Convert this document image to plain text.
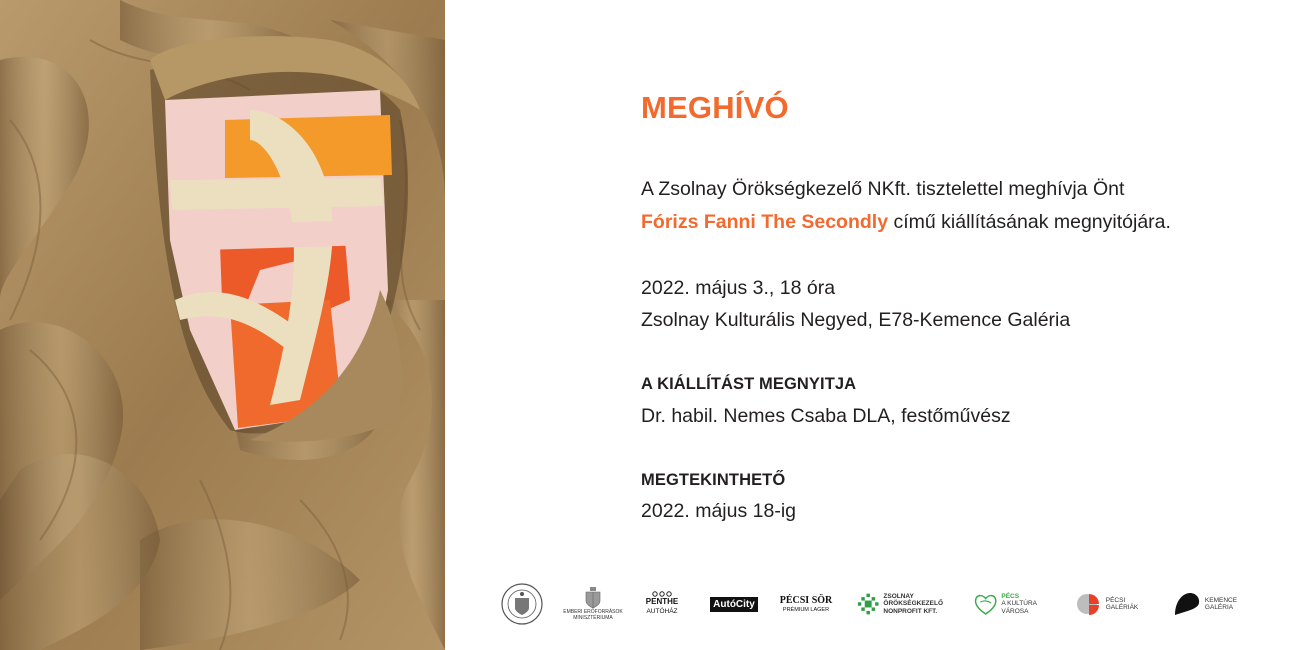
MEGHÍVÓ
A Zsolnay Örökségkezelő NKft. tisztelettel meghívja Önt
Fórizs Fanni The Secondly című kiállításának megnyitójára.
2022. május 3., 18 óra
Zsolnay Kulturális Negyed, E78-Kemence Galéria
A KIÁLLÍTÁST MEGNYITJA
Dr. habil. Nemes Csaba DLA, festőművész
MEGTEKINTHETŐ
2022. május 18-ig
EMBERI ERŐFORRÁSOK
MINISZTÉRIUMA
PENTHE
AUTÓHÁZ
AutóCity	PÉCSI SÖR
PRÉMIUM LAGER
ZSOLNAY
ÖRÖKSÉGKEZELŐ
NONPROFIT KFT.
PÉCS
A KULTÚRA
VÁROSA
PÉCSI
GALÉRIÁK
KEMENCE
GALÉRIA
